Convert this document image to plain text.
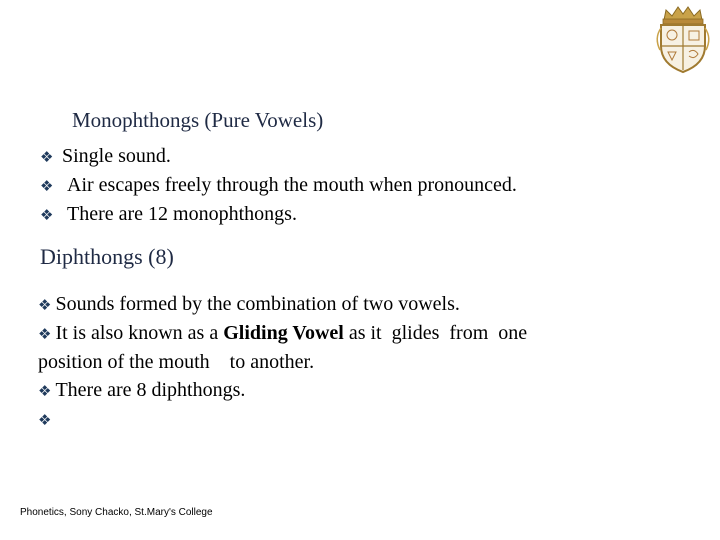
Monophthongs (Pure Vowels)
❖ Single sound.
❖ Air escapes freely through the mouth when pronounced.
❖ There are 12 monophthongs.
Diphthongs (8)
❖ Sounds formed by the combination of two vowels.
❖ It is also known as a Gliding Vowel as it  glides  from  one
position of the mouth    to another.
❖ There are 8 diphthongs.
❖
Phonetics, Sony Chacko, St.Mary's College
